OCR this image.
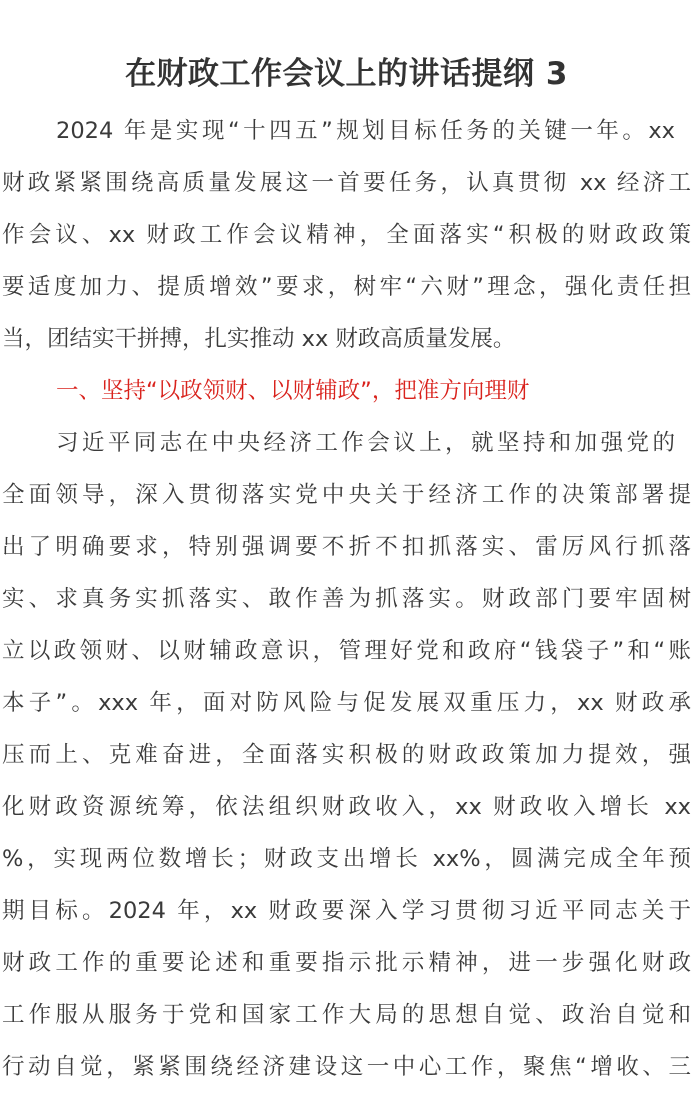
在财政工作会议上的讲话提纲 3
2024 年是实现“十四五”规划目标任务的关键一年。xx
财政紧紧围绕高质量发展这一首要任务，认真贯彻 xx 经济工
作会议、xx 财政工作会议精神，全面落实“积极的财政政策
要适度加力、提质增效”要求，树牢“六财”理念，强化责任担
当，团结实干拼搏，扎实推动 xx 财政高质量发展。
一、坚持“以政领财、以财辅政”，把准方向理财
习近平同志在中央经济工作会议上，就坚持和加强党的
全面领导，深入贯彻落实党中央关于经济工作的决策部署提
出了明确要求，特别强调要不折不扣抓落实、雷厉风行抓落
实、求真务实抓落实、敢作善为抓落实。财政部门要牢固树
立以政领财、以财辅政意识，管理好党和政府“钱袋子”和“账
本子”。xxx 年，面对防风险与促发展双重压力，xx 财政承
压而上、克难奋进，全面落实积极的财政政策加力提效，强
化财政资源统筹，依法组织财政收入，xx 财政收入增长 xx
%，实现两位数增长；财政支出增长 xx%，圆满完成全年预
期目标。2024 年，xx 财政要深入学习贯彻习近平同志关于
财政工作的重要论述和重要指示批示精神，进一步强化财政
工作服从服务于党和国家工作大局的思想自觉、政治自觉和
行动自觉，紧紧围绕经济建设这一中心工作，聚焦“增收、三
